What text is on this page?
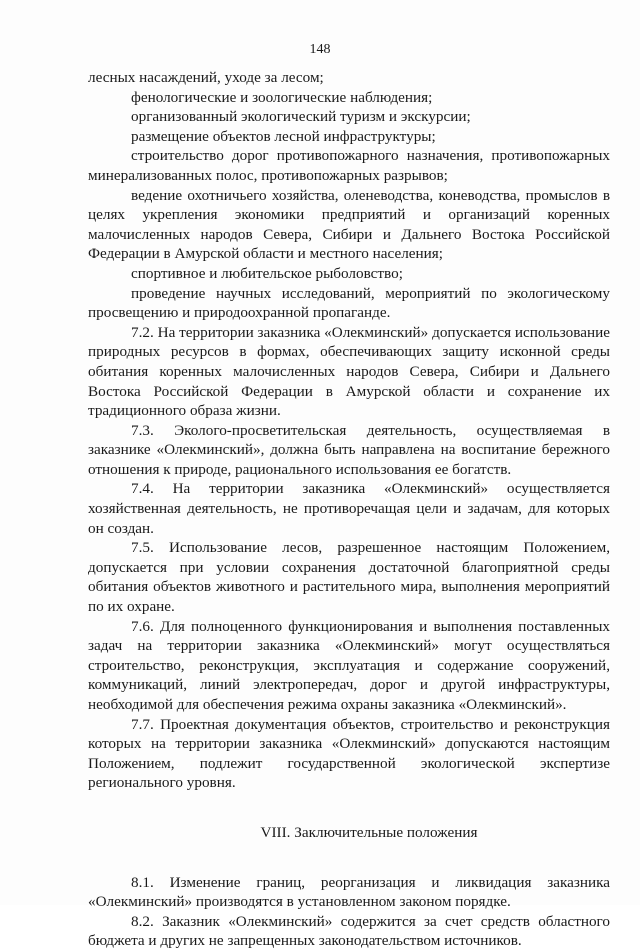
148

лесных насаждений, уходе за лесом;

фенологические и зоологические наблюдения;

организованный экологический туризм и экскурсии;

размещение объектов лесной инфраструктуры;

строительство дорог противопожарного назначения, противопожарных минерализованных полос, противопожарных разрывов;

ведение охотничьего хозяйства, оленеводства, коневодства, промыслов в целях укрепления экономики предприятий и организаций коренных малочисленных народов Севера, Сибири и Дальнего Востока Российской Федерации в Амурской области и местного населения;

спортивное и любительское рыболовство;

проведение научных исследований, мероприятий по экологическому просвещению и природоохранной пропаганде.

7.2. На территории заказника «Олекминский» допускается использование природных ресурсов в формах, обеспечивающих защиту исконной среды обитания коренных малочисленных народов Севера, Сибири и Дальнего Востока Российской Федерации в Амурской области и сохранение их традиционного образа жизни.

7.3. Эколого-просветительская деятельность, осуществляемая в заказнике «Олекминский», должна быть направлена на воспитание бережного отношения к природе, рационального использования ее богатств.

7.4. На территории заказника «Олекминский» осуществляется хозяйственная деятельность, не противоречащая цели и задачам, для которых он создан.

7.5. Использование лесов, разрешенное настоящим Положением, допускается при условии сохранения достаточной благоприятной среды обитания объектов животного и растительного мира, выполнения мероприятий по их охране.

7.6. Для полноценного функционирования и выполнения поставленных задач на территории заказника «Олекминский» могут осуществляться строительство, реконструкция, эксплуатация и содержание сооружений, коммуникаций, линий электропередач, дорог и другой инфраструктуры, необходимой для обеспечения режима охраны заказника «Олекминский».

7.7. Проектная документация объектов, строительство и реконструкция которых на территории заказника «Олекминский» допускаются настоящим Положением, подлежит государственной экологической экспертизе регионального уровня.

VIII. Заключительные положения

8.1. Изменение границ, реорганизация и ликвидация заказника «Олекминский» производятся в установленном законом порядке.

8.2. Заказник «Олекминский» содержится за счет средств областного бюджета и других не запрещенных законодательством источников.
